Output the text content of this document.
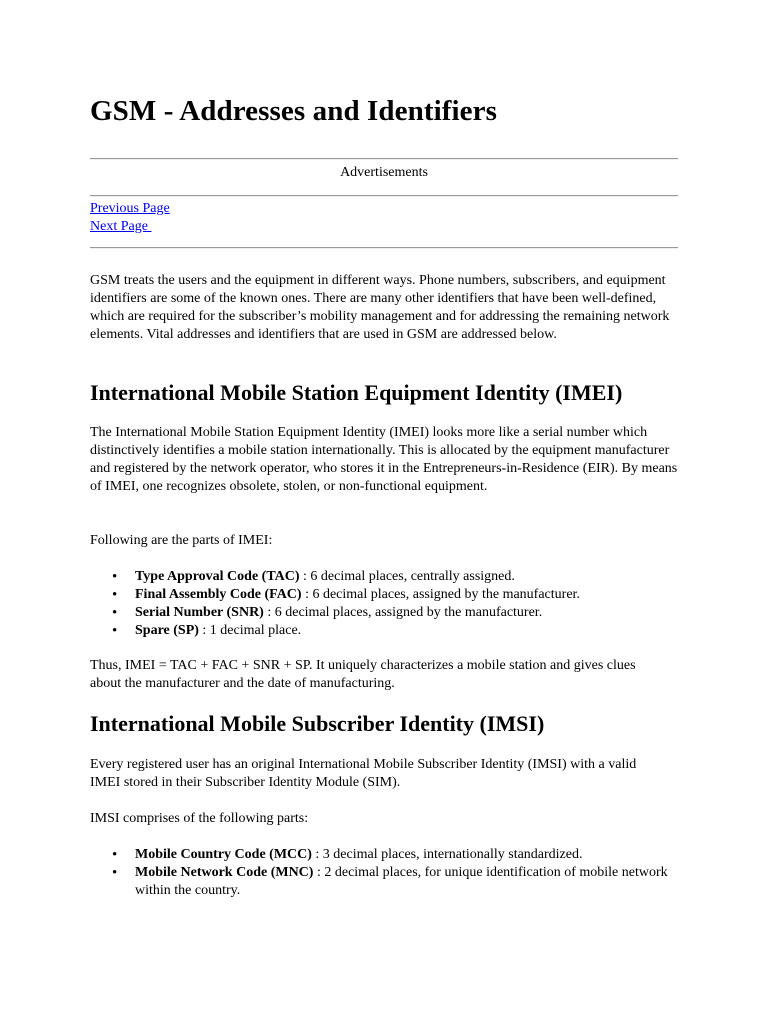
GSM - Addresses and Identifiers
Advertisements
Previous Page
Next Page

GSM treats the users and the equipment in different ways. Phone numbers, subscribers, and equipment identifiers are some of the known ones. There are many other identifiers that have been well-defined, which are required for the subscriber’s mobility management and for addressing the remaining network elements. Vital addresses and identifiers that are used in GSM are addressed below.

International Mobile Station Equipment Identity (IMEI)

The International Mobile Station Equipment Identity (IMEI) looks more like a serial number which distinctively identifies a mobile station internationally. This is allocated by the equipment manufacturer and registered by the network operator, who stores it in the Entrepreneurs-in-Residence (EIR). By means of IMEI, one recognizes obsolete, stolen, or non-functional equipment.

Following are the parts of IMEI:

• Type Approval Code (TAC) : 6 decimal places, centrally assigned.
• Final Assembly Code (FAC) : 6 decimal places, assigned by the manufacturer.
• Serial Number (SNR) : 6 decimal places, assigned by the manufacturer.
• Spare (SP) : 1 decimal place.

Thus, IMEI = TAC + FAC + SNR + SP. It uniquely characterizes a mobile station and gives clues about the manufacturer and the date of manufacturing.

International Mobile Subscriber Identity (IMSI)

Every registered user has an original International Mobile Subscriber Identity (IMSI) with a valid IMEI stored in their Subscriber Identity Module (SIM).

IMSI comprises of the following parts:

• Mobile Country Code (MCC) : 3 decimal places, internationally standardized.
• Mobile Network Code (MNC) : 2 decimal places, for unique identification of mobile network within the country.
